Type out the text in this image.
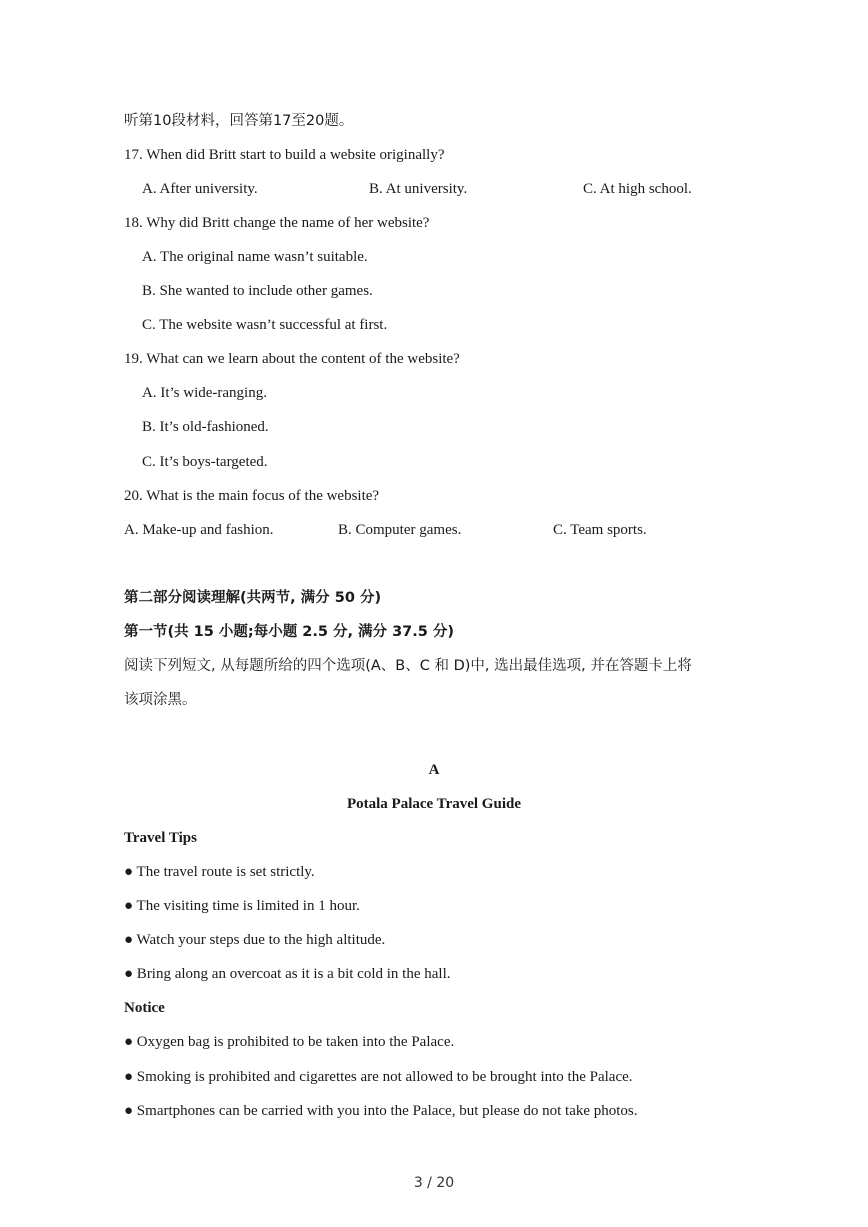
听第10段材料，回答第17至20题。
17. When did Britt start to build a website originally?
A. After university.	B. At university.	C. At high school.
18. Why did Britt change the name of her website?
A. The original name wasn’t suitable.
B. She wanted to include other games.
C. The website wasn’t successful at first.
19. What can we learn about the content of the website?
A. It’s wide-ranging.
B. It’s old-fashioned.
C. It’s boys-targeted.
20. What is the main focus of the website?
A. Make-up and fashion.	B. Computer games.	C. Team sports.
第二部分阅读理解(共两节, 满分 50 分)
第一节(共 15 小题;每小题 2.5 分, 满分 37.5 分)
阅读下列短文, 从每题所给的四个选项(A、B、C 和 D)中, 选出最佳选项, 并在答题卡上将
该项涂黑。
A
Potala Palace Travel Guide
Travel Tips
● The travel route is set strictly.
● The visiting time is limited in 1 hour.
● Watch your steps due to the high altitude.
● Bring along an overcoat as it is a bit cold in the hall.
Notice
● Oxygen bag is prohibited to be taken into the Palace.
● Smoking is prohibited and cigarettes are not allowed to be brought into the Palace.
● Smartphones can be carried with you into the Palace, but please do not take photos.
3 / 20
